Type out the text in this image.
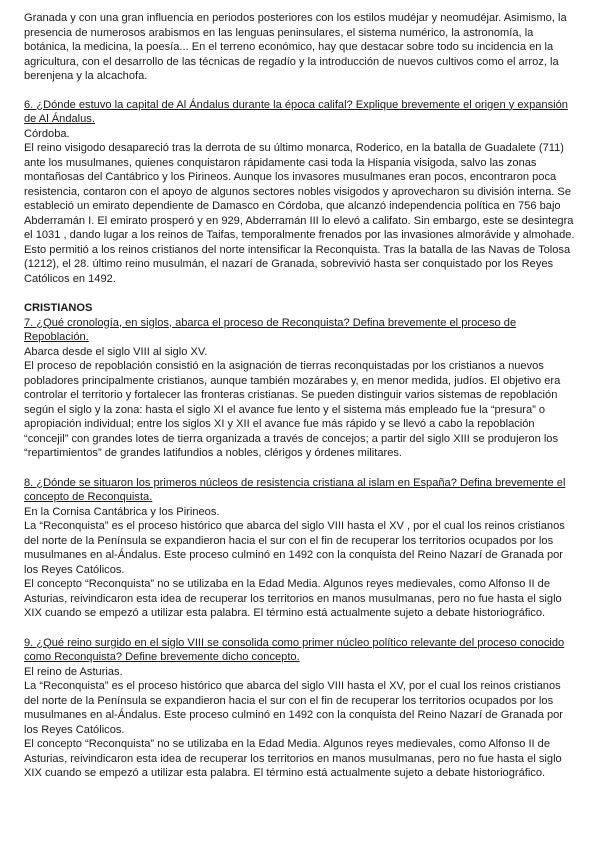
Granada y con una gran influencia en periodos posteriores con los estilos mudéjar y neomudéjar. Asimismo, la presencia de numerosos arabismos en las lenguas peninsulares, el sistema numérico, la astronomía, la botánica, la medicina, la poesía... En el terreno económico, hay que destacar sobre todo su incidencia en la agricultura, con el desarrollo de las técnicas de regadío y la introducción de nuevos cultivos como el arroz, la berenjena y la alcachofa.

6. ¿Dónde estuvo la capital de Al Ándalus durante la época califal? Explique brevemente el origen y expansión de Al Ándalus.

Córdoba.

El reino visigodo desapareció tras la derrota de su último monarca, Roderico, en la batalla de Guadalete (711) ante los musulmanes, quienes conquistaron rápidamente casi toda la Hispania visigoda, salvo las zonas montañosas del Cantábrico y los Pirineos. Aunque los invasores musulmanes eran pocos, encontraron poca resistencia, contaron con el apoyo de algunos sectores nobles visigodos y aprovecharon su división interna. Se estableció un emirato dependiente de Damasco en Córdoba, que alcanzó independencia política en 756 bajo Abderramán I. El emirato prosperó y en 929, Abderramán III lo elevó a califato. Sin embargo, este se desintegra el 1031 , dando lugar a los reinos de Taifas, temporalmente frenados por las invasiones almorávide y almohade. Esto permitió a los reinos cristianos del norte intensificar la Reconquista. Tras la batalla de las Navas de Tolosa (1212), el 28. último reino musulmán, el nazarí de Granada, sobrevivió hasta ser conquistado por los Reyes Católicos en 1492.

CRISTIANOS

7. ¿Qué cronología, en siglos, abarca el proceso de Reconquista? Defina brevemente el proceso de Repoblación.

Abarca desde el siglo VIII al siglo XV.

El proceso de repoblación consistió en la asignación de tierras reconquistadas por los cristianos a nuevos pobladores principalmente cristianos, aunque también mozárabes y, en menor medida, judíos. El objetivo era controlar el territorio y fortalecer las fronteras cristianas. Se pueden distinguir varios sistemas de repoblación según el siglo y la zona: hasta el siglo XI el avance fue lento y el sistema más empleado fue la “presura” o apropiación individual; entre los siglos XI y XII el avance fue más rápido y se llevó a cabo la repoblación “concejil” con grandes lotes de tierra organizada a través de concejos; a partir del siglo XIII se produjeron los “repartimientos” de grandes latifundios a nobles, clérigos y órdenes militares.

8. ¿Dónde se situaron los primeros núcleos de resistencia cristiana al islam en España? Defina brevemente el concepto de Reconquista.

En la Cornisa Cantábrica y los Pirineos.

La “Reconquista” es el proceso histórico que abarca del siglo VIII hasta el XV , por el cual los reinos cristianos del norte de la Península se expandieron hacia el sur con el fin de recuperar los territorios ocupados por los musulmanes en al-Ándalus. Este proceso culminó en 1492 con la conquista del Reino Nazarí de Granada por los Reyes Católicos.

El concepto “Reconquista” no se utilizaba en la Edad Media. Algunos reyes medievales, como Alfonso II de Asturias, reivindicaron esta idea de recuperar los territorios en manos musulmanas, pero no fue hasta el siglo XIX cuando se empezó a utilizar esta palabra. El término está actualmente sujeto a debate historiográfico.

9. ¿Qué reino surgido en el siglo VIII se consolida como primer núcleo político relevante del proceso conocido como Reconquista? Define brevemente dicho concepto.

El reino de Asturias.

La “Reconquista” es el proceso histórico que abarca del siglo VIII hasta el XV, por el cual los reinos cristianos del norte de la Península se expandieron hacia el sur con el fin de recuperar los territorios ocupados por los musulmanes en al-Ándalus. Este proceso culminó en 1492 con la conquista del Reino Nazarí de Granada por los Reyes Católicos.

El concepto “Reconquista” no se utilizaba en la Edad Media. Algunos reyes medievales, como Alfonso II de Asturias, reivindicaron esta idea de recuperar los territorios en manos musulmanas, pero no fue hasta el siglo XIX cuando se empezó a utilizar esta palabra. El término está actualmente sujeto a debate historiográfico.
